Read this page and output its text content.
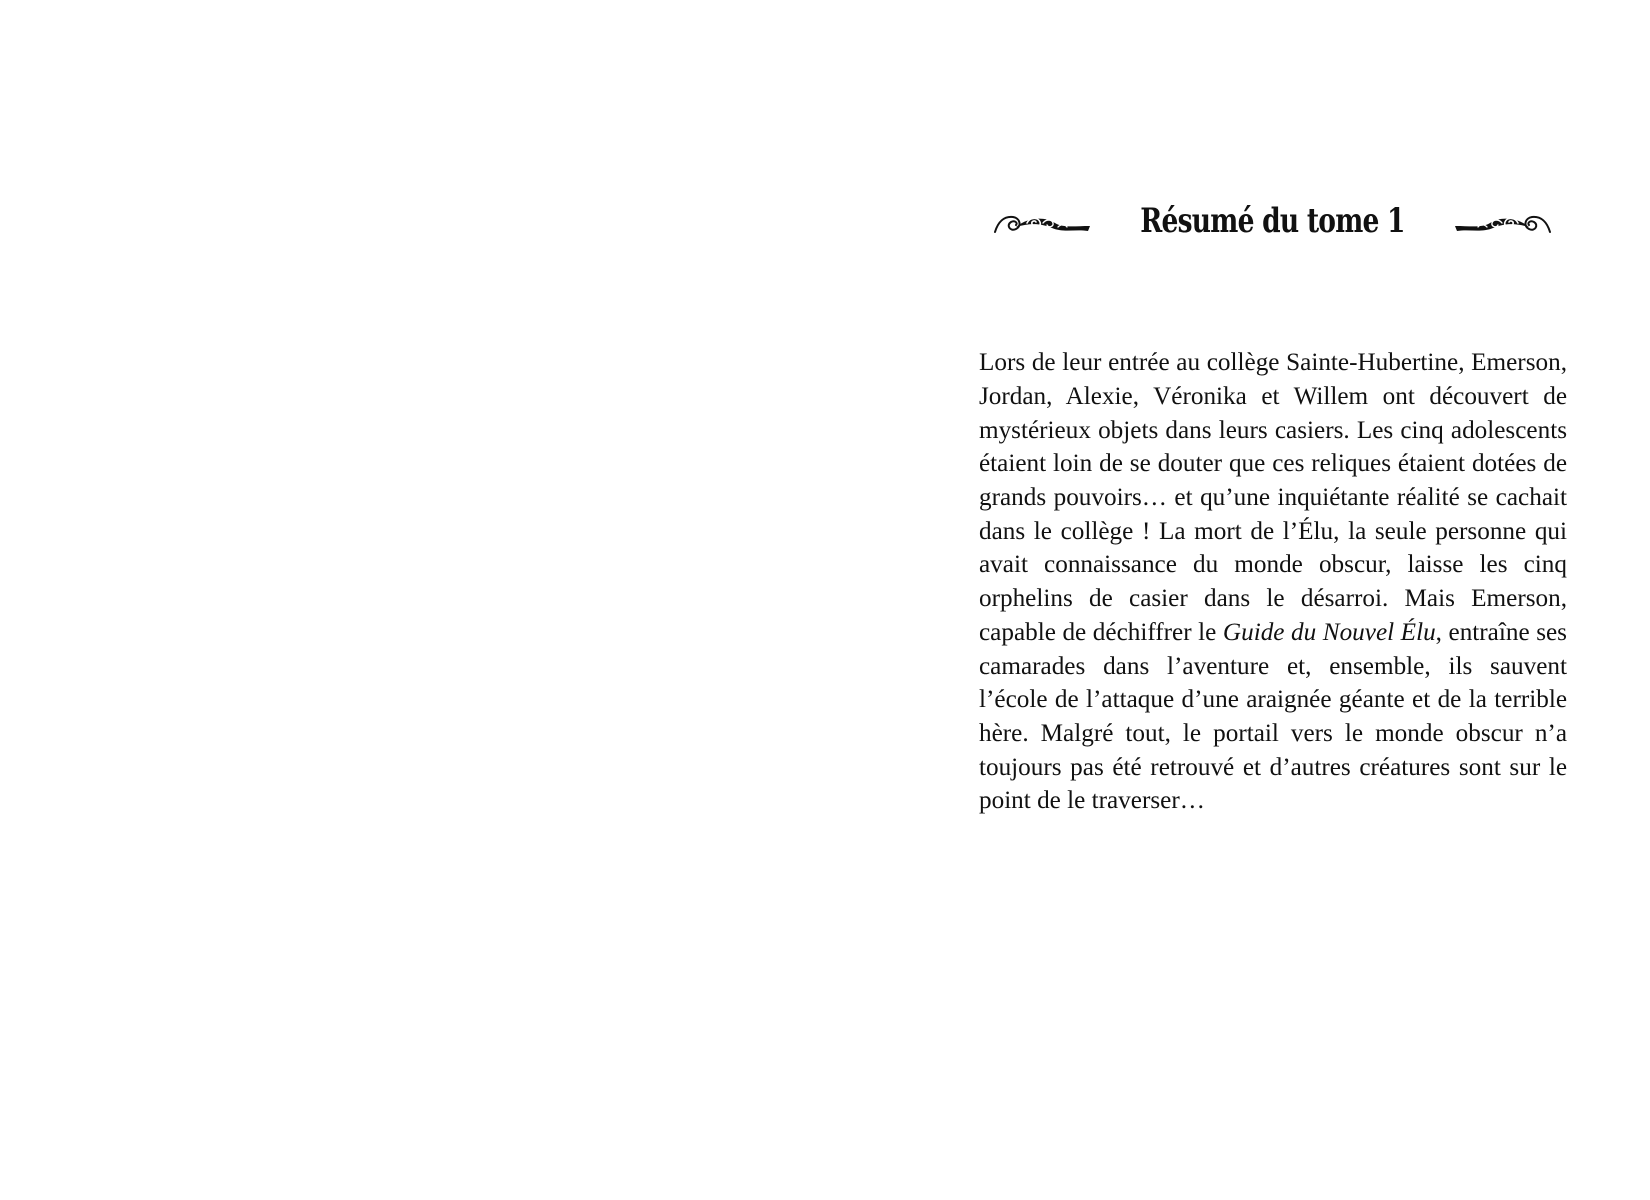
Résumé du tome 1

Lors de leur entrée au collège Sainte-Hubertine, Emerson, Jordan, Alexie, Véronika et Willem ont découvert de mystérieux objets dans leurs casiers. Les cinq adolescents étaient loin de se douter que ces reliques étaient dotées de grands pouvoirs… et qu’une inquiétante réalité se cachait dans le collège ! La mort de l’Élu, la seule personne qui avait connaissance du monde obscur, laisse les cinq orphelins de casier dans le désarroi. Mais Emerson, capable de déchiffrer le Guide du Nouvel Élu, entraîne ses camarades dans l’aventure et, ensemble, ils sauvent l’école de l’attaque d’une araignée géante et de la terrible hère. Malgré tout, le portail vers le monde obscur n’a toujours pas été retrouvé et d’autres créatures sont sur le point de le traverser…
